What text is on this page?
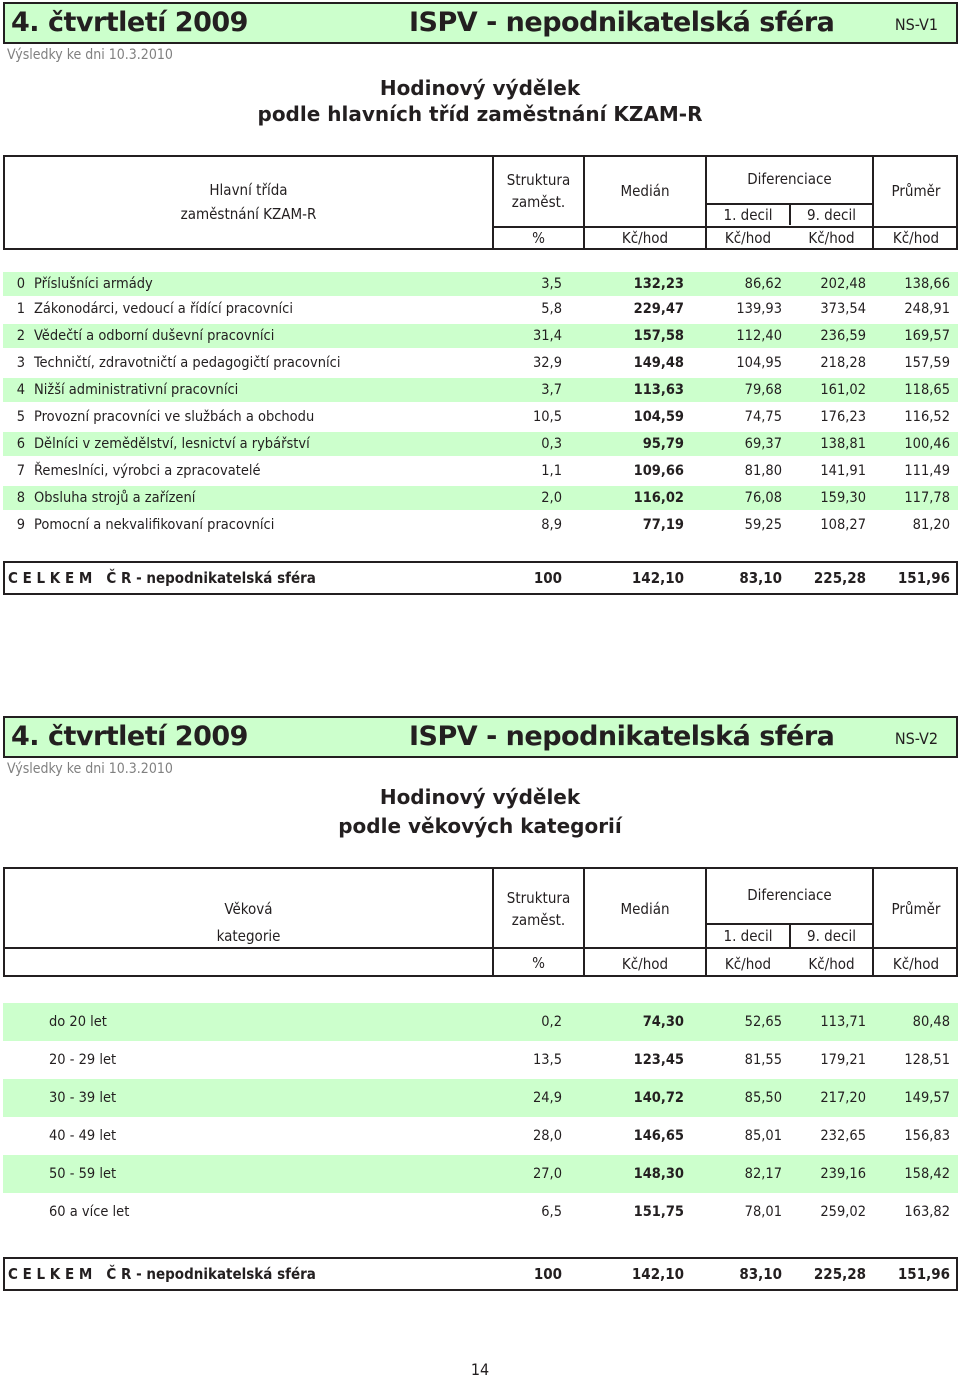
4. čtvrtletí 2009	ISPV - nepodnikatelská sféra	NS-V1
Výsledky ke dni 10.3.2010
Hodinový výdělek
podle hlavních tříd zaměstnání KZAM-R
Hlavní třída
zaměstnání KZAM-R
Struktura
zaměst.
Medián
Diferenciace
1. decil	9. decil
Průměr
%	Kč/hod	Kč/hod	Kč/hod	Kč/hod
0 Příslušníci armády	3,5	132,23	86,62	202,48	138,66
1 Zákonodárci, vedoucí a řídící pracovníci	5,8	229,47	139,93	373,54	248,91
2 Vědečtí a odborní duševní pracovníci	31,4	157,58	112,40	236,59	169,57
3 Techničtí, zdravotničtí a pedagogičtí pracovníci	32,9	149,48	104,95	218,28	157,59
4 Nižší administrativní pracovníci	3,7	113,63	79,68	161,02	118,65
5 Provozní pracovníci ve službách a obchodu	10,5	104,59	74,75	176,23	116,52
6 Dělníci v zemědělství, lesnictví a rybářství	0,3	95,79	69,37	138,81	100,46
7 Řemeslníci, výrobci a zpracovatelé	1,1	109,66	81,80	141,91	111,49
8 Obsluha strojů a zařízení	2,0	116,02	76,08	159,30	117,78
9 Pomocní a nekvalifikovaní pracovníci	8,9	77,19	59,25	108,27	81,20
C E L K E M   Č R - nepodnikatelská sféra	100	142,10	83,10 225,28 151,96
4. čtvrtletí 2009	ISPV - nepodnikatelská sféra	NS-V2
Výsledky ke dni 10.3.2010
Hodinový výdělek
podle věkových kategorií
Věková
kategorie
Struktura
zaměst.
Medián
Diferenciace
1. decil	9. decil
Průměr
%	Kč/hod	Kč/hod	Kč/hod	Kč/hod
do 20 let	0,2	74,30	52,65	113,71	80,48
20 - 29 let	13,5	123,45	81,55	179,21	128,51
30 - 39 let	24,9	140,72	85,50	217,20	149,57
40 - 49 let	28,0	146,65	85,01	232,65	156,83
50 - 59 let	27,0	148,30	82,17	239,16	158,42
60 a více let	6,5	151,75	78,01	259,02	163,82
C E L K E M   Č R - nepodnikatelská sféra	100	142,10	83,10 225,28 151,96
14
